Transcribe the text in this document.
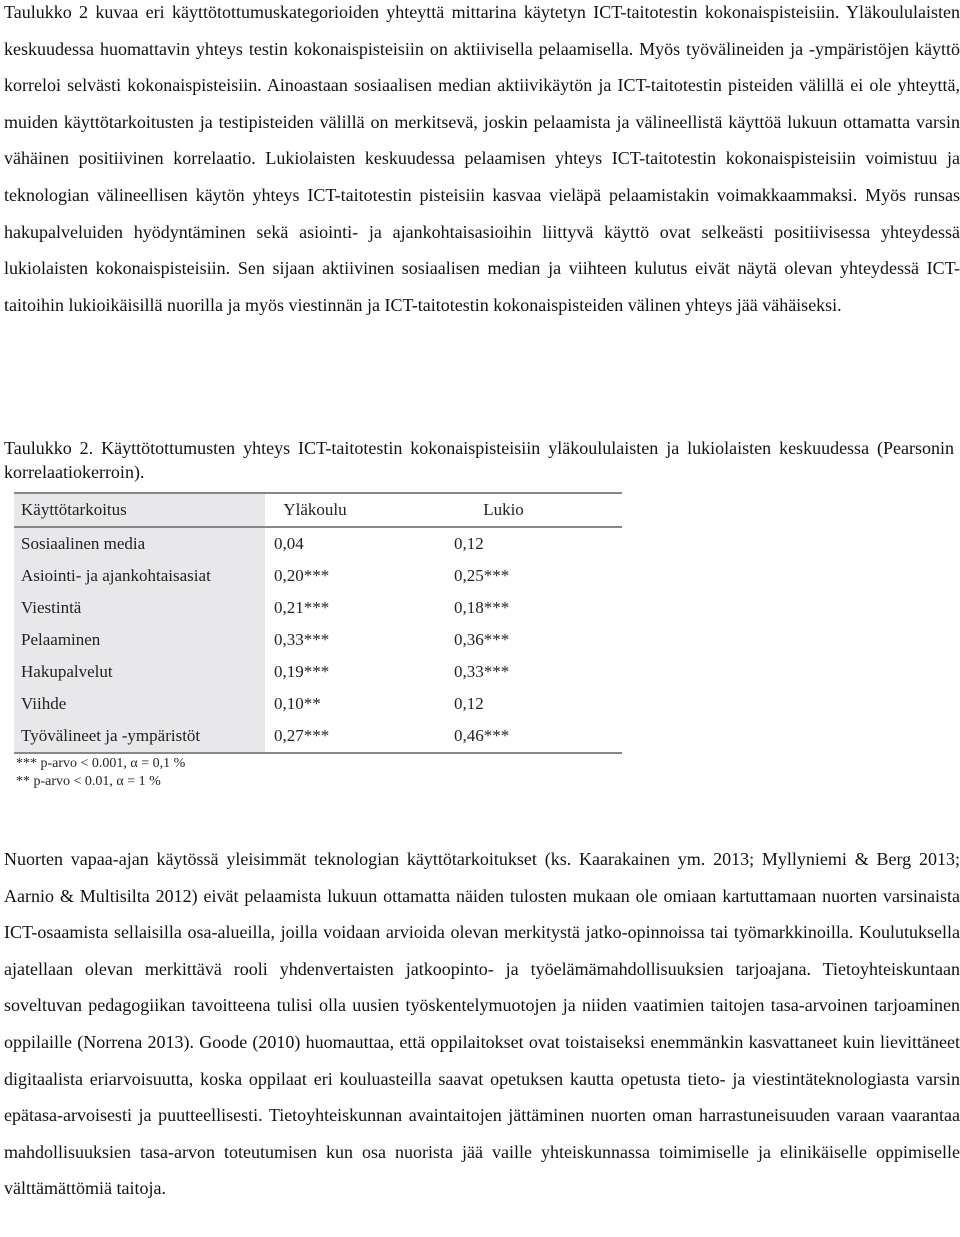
Taulukko 2 kuvaa eri käyttötottumuskategorioiden yhteyttä mittarina käytetyn ICT-taitotestin kokonaispisteisiin. Yläkoululaisten keskuudessa huomattavin yhteys testin kokonaispisteisiin on aktiivisella pelaamisella. Myös työvälineiden ja -ympäristöjen käyttö korreloi selvästi kokonaispisteisiin. Ainoastaan sosiaalisen median aktiivikäytön ja ICT-taitotestin pisteiden välillä ei ole yhteyttä, muiden käyttötarkoitusten ja testipisteiden välillä on merkitsevä, joskin pelaamista ja välineellistä käyttöä lukuun ottamatta varsin vähäinen positiivinen korrelaatio. Lukiolaisten keskuudessa pelaamisen yhteys ICT-taitotestin kokonaispisteisiin voimistuu ja teknologian välineellisen käytön yhteys ICT-taitotestin pisteisiin kasvaa vieläpä pelaamistakin voimakkaammaksi. Myös runsas hakupalveluiden hyödyntäminen sekä asiointi- ja ajankohtaisasioihin liittyvä käyttö ovat selkeästi positiivisessa yhteydessä lukiolaisten kokonaispisteisiin. Sen sijaan aktiivinen sosiaalisen median ja viihteen kulutus eivät näytä olevan yhteydessä ICT-taitoihin lukioikäisillä nuorilla ja myös viestinnän ja ICT-taitotestin kokonaispisteiden välinen yhteys jää vähäiseksi.

Taulukko 2. Käyttötottumusten yhteys ICT-taitotestin kokonaispisteisiin yläkoululaisten ja lukiolaisten keskuudessa (Pearsonin korrelaatiokerroin).

Käyttötarkoitus	Yläkoulu	Lukio
Sosiaalinen media	0,04	0,12
Asiointi- ja ajankohtaisasiat	0,20***	0,25***
Viestintä	0,21***	0,18***
Pelaaminen	0,33***	0,36***
Hakupalvelut	0,19***	0,33***
Viihde	0,10**	0,12
Työvälineet ja -ympäristöt	0,27***	0,46***
*** p-arvo < 0.001, α = 0,1 %
** p-arvo < 0.01, α = 1 %

Nuorten vapaa-ajan käytössä yleisimmät teknologian käyttötarkoitukset (ks. Kaarakainen ym. 2013; Myllyniemi & Berg 2013; Aarnio & Multisilta 2012) eivät pelaamista lukuun ottamatta näiden tulosten mukaan ole omiaan kartuttamaan nuorten varsinaista ICT-osaamista sellaisilla osa-alueilla, joilla voidaan arvioida olevan merkitystä jatko-opinnoissa tai työmarkkinoilla. Koulutuksella ajatellaan olevan merkittävä rooli yhdenvertaisten jatkoopinto- ja työelämämahdollisuuksien tarjoajana. Tietoyhteiskuntaan soveltuvan pedagogiikan tavoitteena tulisi olla uusien työskentelymuotojen ja niiden vaatimien taitojen tasa-arvoinen tarjoaminen oppilaille (Norrena 2013). Goode (2010) huomauttaa, että oppilaitokset ovat toistaiseksi enemmänkin kasvattaneet kuin lievittäneet digitaalista eriarvoisuutta, koska oppilaat eri kouluasteilla saavat opetuksen kautta opetusta tieto- ja viestintäteknologiasta varsin epätasa-arvoisesti ja puutteellisesti. Tietoyhteiskunnan avaintaitojen jättäminen nuorten oman harrastuneisuuden varaan vaarantaa mahdollisuuksien tasa-arvon toteutumisen kun osa nuorista jää vaille yhteiskunnassa toimimiselle ja elinikäiselle oppimiselle välttämättömiä taitoja.
